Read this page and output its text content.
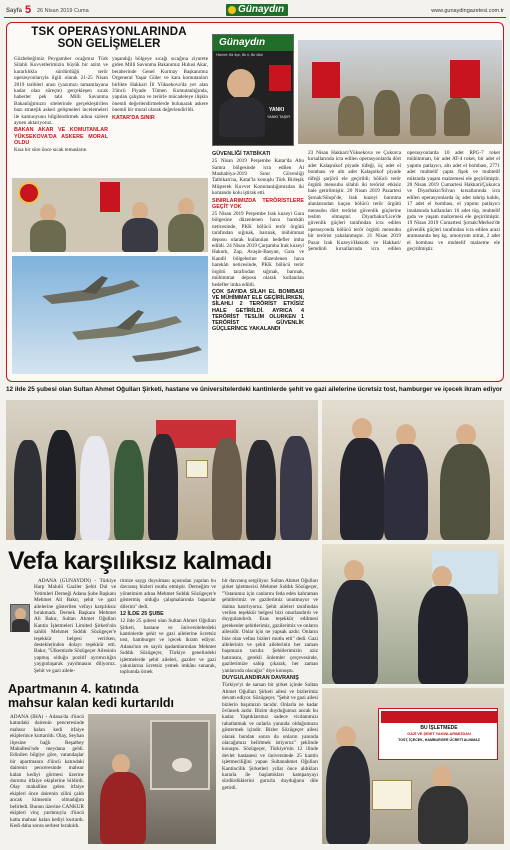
Sayfa 5 26 Nisan 2019 Cuma	Günaydın	www.gunaydingazetesi.com.tr
TSK OPERASYONLARINDA
SON GELİŞMELER
Gözbebeğimiz Peygamber ocağımız Türk Silahlı Kuvvetlerimizin büyük bir azim ve kararlılıkla sürdürdüğü terör operasyonlarıyla ilgili olarak 21-25 Nisan 2019 tarihleri arası (yazımızı tamamlayana kadar olan süreçte) gerçekleşen sıcak haberler pek tabi Milli Savunma Bakanlığımızın sitelerinde gerçekleştirilen bazı stratejik askeri gelişmeleri incelemeleri ile kamuoyunu bilgilendirmek adına sizlere aynen aktarıyoruz.
BAKAN AKAR VE KOMUTANLAR YÜKSEKOVA'DA ASKERE MORAL OLDU
Kısa bir süre önce sıcak temasların
yaşandığı bölgeye sıcağı sıcağına ziyarete giden Milli Savunma Bakanımız Hulusi Akar, beraberinde Genel Kurmay Başkanımız Orgeneral Yaşar Güler ve kara komutanları birlikte Hakkari İli Yüksekova'da yer alan 3'üncü Piyade Tümen Komutanlığında, yapılan çalışma ve terörle mücadeleye ilişkin önemli değerlendirmelerde bulunarak askere önemli bir moral olarak değerlendirildi.
KATAR'DA SINIR
Günaydın
Hizmet: Bir ilçe, Bir il, Bir ülke
YANKI
YANKI TAŞIR
GÜVENLİĞİ TATBİKATI
25 Nisan 2019 Perşembe Katar'da Abu Samra bölgesinde icra edilen Al Mashabiya-2019 Sınır Güvenliği Tatbikatı'na, Katar'la konuşlu Türk Birleşik Müşterek Kuvvet Komutanlığımızdan iki komando kolu iştirak etti.
SINIRLARIMIZDA TERÖRİSTLERE GEÇİT YOK
25 Nisan 2019 Perşembe Irak kuzeyi Gara bölgesine düzenlenen hava harekâtı neticesinde, PKK bölücü terör örgütü tarafından sığınak, barınak, mühimmat deposu olarak kullanılan hedefler imha edildi. 24 Nisan 2019 Çarşamba Irak kuzeyi Hakurk, Zap, Avaşin-Basyan, Gara ve Kandil bölgelerine düzenlenen hava harekâtı neticesinde, PKK bölücü terör örgütü tarafından sığınak, barınak, mühimmat deposu olarak kullanılan hedefler imha edildi.
ÇOK SAYIDA SİLAH EL BOMBASI VE MÜHİMMAT ELE GEÇİRİLİRKEN, SİLAHLI 2 TERÖRİST ETKİSİZ HALE GETİRİLDİ. AYRICA 4 TERÖRİST TESLİM OLURKEN 1 TERÖRİST GÜVENLİK GÜÇLERİNCE YAKALANDI
23 Nisan Hakkari/Yüksekova ve Çukurca kırsallarında icra edilen operasyonlarda dört adet Kalaşnikof piyade tüfeği, üç adet el bombası ve altı adet Kalaşnikof piyade tüfeği şarjörü ele geçirildi; bölücü terör örgütü mensubu silahlı iki terörist etkisiz hale getirilmiştir. 20 Nisan 2019 Pazartesi Şırnak/Silopi'de, Irak kuzeyi barınma alanlarından kaçan bölücü terör örgütü mensubu dört terörist güvenlik güçlerine teslim olmuştur. Diyarbakır/Lice'de güvenlik güçleri tarafından icra edilen operasyonda bölücü terör örgütü mensubu bir terörist yakalanmıştır. 21 Nisan 2019 Pazar Irak Kuzeyi/Hakurk ve Hakkari/Şemdinli kırsallarında icra edilen operasyonlarda 10 adet RPG-7 roket mühimmatı, bir adet AT-4 roket, bir adet el yapımı patlayıcı, altı adet el bombası, 2771 adet muhtelif çapta fişek ve muhtelif miktarda yaşam malzemesi ele geçirilmiştir. 20 Nisan 2019 Cumartesi Hakkari/Çukurca ve Diyarbakır/Silvan kırsallarında icra edilen operasyonlarda üç adet tahrip kalıbı, 17 adet el bombası, el yapımı patlayıcı imalatında kullanılan 16 adet tüp, muhtelif gıda ve yaşam malzemesi ele geçirilmiştir. 19 Nisan 2019 Cumartesi Şırnak/Merkez'de güvenlik güçleri tarafından icra edilen arazi aramasında beş kg. amonyum nitrat, 2 adet el bombası ve muhtelif malzeme ele geçirilmiştir.
12 ilde 25 şubesi olan Sultan Ahmet Oğulları Şirketi, hastane ve üniversitelerdeki kantinlerde şehit ve gazi ailelerine ücretsiz tost, hamburger ve içecek ikram ediyor
Vefa karşılıksız kalmadı
ADANA (GÜNAYDIN) - Türkiye Harp Malulü Gaziler Şehit Dul ve Yetimleri Derneği Adana Şube Başkanı Mehmet Ali Bakır, şehit ve gazi ailelerine gösterilen vefayı karşılıksız bırakmadı. Dernek Başkanı Mehmet Ali Bakır, Sultan Ahmet Oğulları Kantin İşletmeleri Limited Şirketi'nin sahibi Mehmet Sıddık Sözügeçer'e teşekkür belgesi verirken, desteklerinden dolayı teşekkür etti. Bakır, "Ülkemizde Sözügeçer Ailesinin yapmış olduğu pozitif ayrımcılığın yaygınlaşarak yayılmasını diliyoruz. Şehit ve gazi ailele-
rimize saygı duyulması açısından yapılan bu davranış bizleri mutlu etmiştir. Derneğim ve yönetimim adına Mehmet Sıddık Sözügeçer'e göstermiş olduğu çalışmalarında başarılar dilerim" dedi.
12 İLDE 25 ŞUBE
12 ilde 25 şubesi olan Sultan Ahmet Oğulları Şirketi, hastane ve üniversitelerdeki kantinlerde şehit ve gazi ailelerine ücretsiz tost, hamburger ve içecek ikram ediyor. Adana'nın en sayılı işadamlarından Mehmet Sıddık Sözügeçer, Türkiye genelindeki işletmelerde şehit aileleri, gaziler ve gazi yakınlarına ücretsiz yemek imkânı sunarak, toplumda örnek
bir davranış sergiliyor. Sultan Ahmet Oğulları şirket işletmecisi Mehmet Sıddık Sözügeçer, "Vatanımız için canlarını feda eden kahraman şehitlerimiz ve gazilerimiz unutmuyor ve daima hatırlıyoruz. Şehit aileleri tarafından verilen teşekkür belgesi bizi onurlandırdı ve duygulandırdı. Esas teşekkür edilmesi gerekenler şehitlerimiz, gazilerimiz ve onların ailesidir. Onlar için ne yapsak azdır. Onların bize olan vefası bizleri mutlu etti" dedi. Gazi ailelerinin ve şehit ailelerinin her zaman başımızın tacıdır. Şehitlerimizin aziz hatırasını, gerekli önlemler çerçevesinde, gazilerimize sahip çıkarak, her zaman yanlarında olacağız" diye konuştu.
DUYGULANDIRAN DAVRANIŞ
Türkiye'yi de sarsan bir şirket içinde Sultan Ahmet Oğulları Şirketi ailesi ve bizlerimiz devam ediyor. Sözügeçer, "Şehit ve gazi ailesi bizlerin başımızın tacıdır. Onlarla ne kadar övünsek azdır. Bizim duyduğumuz ancak bu kadar. Yaptıklarımız sadece vicdanımızı rahatlatmak ve onlarla yanında olduğumuzu göstermek içindir. Bizler Sözügeçer ailesi olarak bundan sonra da onların yanında olacağımızı belirtmek istiyoruz" şeklinde konuştu. Sözügeçer, Türkiye'nin 12 ilinde devlet hastanesi ve üniversitede 25 kantin işletmeciliğini yapan Sultanahmet Oğulları Kantincilik Şirketleri yıllar önce aldıkları kararla ile başlattıkları kampanyayı sürdürdüklerini gururla duyduğunu dile getirdi.
Apartmanın 4. katında
mahsur kalan kedi kurtarıldı
ADANA (İHA) - Adana'da 4'üncü katındaki dairenin penceresinde mahsur kalan kedi itfaiye ekiplerince kurtarıldı. Olay, Seyhan ilçesine bağlı Reşatbey Mahallesi'nde meydana geldi. Edinilen bilgiye göre, vatandaşlar bir apartmanın 4'üncü katındaki dairenin penceresinde mahsur kalan kediyi görmesi üzerine durumu itfaiye ekiplerine bildirdi. Olay mahalline gelen itfaiye ekipleri önce dairenin zilini çaldı ancak kimsenin olmadığını belirledi. Bunun üzerine CANKUR ekipleri vinç yardımıyla 4'üncü katta mahsur kalan kediyi kurtardı. Kedi daha sonra serbest bırakıldı.
BU İŞLETMEDE
GAZİ VE ŞEHİT YAKINLARIMIZDAN
TOST, İÇECEK, HAMBURGER ÜCRETİ ALINMAZ
